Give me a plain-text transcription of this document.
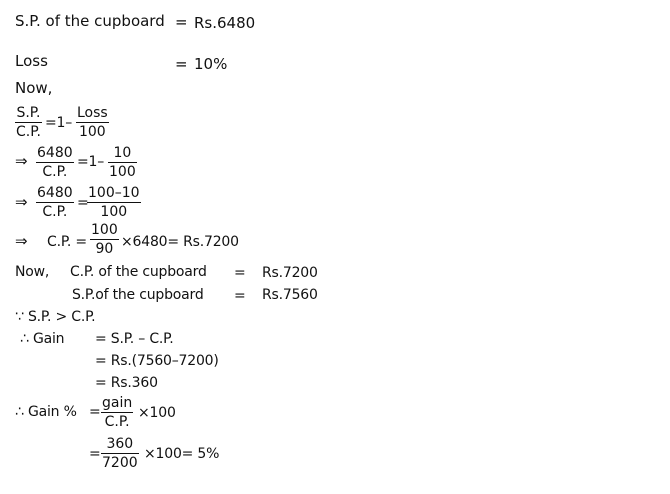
S.P. of the cupboard = Rs.6480
Loss	= 10%
Now,
$\frac{S.P.}{C.P.} =1-$
Loss
100
⇒ $\frac{6480}{C.P.} =1- \frac{10}{100}$
⇒ $\frac{6480}{C.P.}$ =
$\frac{100-10}{100}$
⇒ C.P. = $\frac{100}{90} \times 6480= Rs.7200$
Now, C.P. of the cupboard = Rs.7200
S.P.of the cupboard = Rs.7560
∵ S.P. > C.P.
∴ Gain = S.P. – C.P.
= Rs.(7560–7200)
= Rs.360
∴ Gain % =
gain
C.P.
×100
= $\frac{360}{7200} \times 100= 5\%$
